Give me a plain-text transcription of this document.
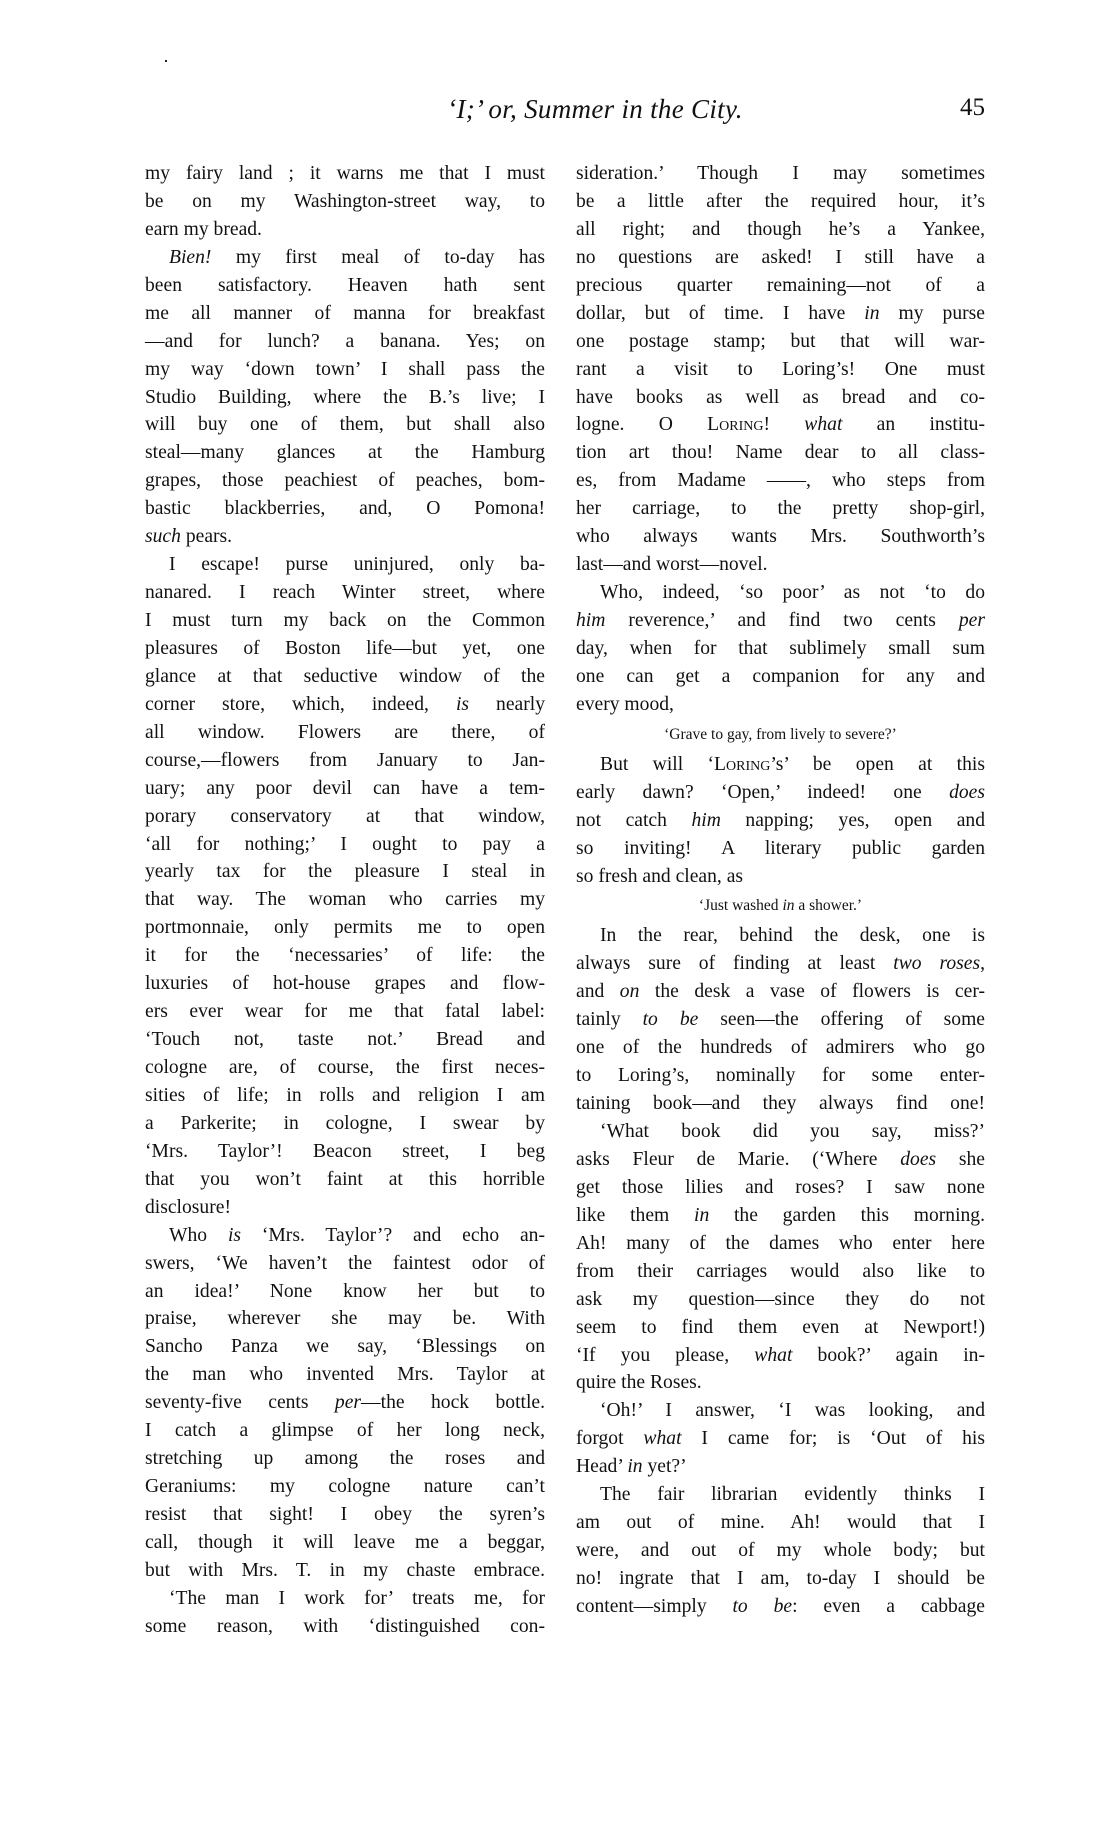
‘I;’ or, Summer in the City.	45
my fairy land ; it warns me that I must
be on my Washington-street way, to
earn my bread.
Bien! my first meal of to-day has
been satisfactory. Heaven hath sent
me all manner of manna for breakfast
—and for lunch? a banana. Yes; on
my way ‘down town’ I shall pass the
Studio Building, where the B.’s live; I
will buy one of them, but shall also
steal—many glances at the Hamburg
grapes, those peachiest of peaches, bom-
bastic blackberries, and, O Pomona!
such pears.
I escape! purse uninjured, only ba-
nanared. I reach Winter street, where
I must turn my back on the Common
pleasures of Boston life—but yet, one
glance at that seductive window of the
corner store, which, indeed, is nearly
all window. Flowers are there, of
course,—flowers from January to Jan-
uary; any poor devil can have a tem-
porary conservatory at that window,
‘all for nothing;’ I ought to pay a
yearly tax for the pleasure I steal in
that way. The woman who carries my
portmonnaie, only permits me to open
it for the ‘necessaries’ of life: the
luxuries of hot-house grapes and flow-
ers ever wear for me that fatal label:
‘Touch not, taste not.’ Bread and
cologne are, of course, the first neces-
sities of life; in rolls and religion I am
a Parkerite; in cologne, I swear by
‘Mrs. Taylor’! Beacon street, I beg
that you won’t faint at this horrible
disclosure!
Who is ‘Mrs. Taylor’? and echo an-
swers, ‘We haven’t the faintest odor of
an idea!’ None know her but to
praise, wherever she may be. With
Sancho Panza we say, ‘Blessings on
the man who invented Mrs. Taylor at
seventy-five cents per—the hock bottle.
I catch a glimpse of her long neck,
stretching up among the roses and
Geraniums: my cologne nature can’t
resist that sight! I obey the syren’s
call, though it will leave me a beggar,
but with Mrs. T. in my chaste embrace.
‘The man I work for’ treats me, for
some reason, with ‘distinguished con-
sideration.’ Though I may sometimes
be a little after the required hour, it’s
all right; and though he’s a Yankee,
no questions are asked! I still have a
precious quarter remaining—not of a
dollar, but of time. I have in my purse
one postage stamp; but that will war-
rant a visit to Loring’s! One must
have books as well as bread and co-
logne. O Loring! what an institu-
tion art thou! Name dear to all class-
es, from Madame ——, who steps from
her carriage, to the pretty shop-girl,
who always wants Mrs. Southworth’s
last—and worst—novel.
Who, indeed, ‘so poor’ as not ‘to do
him reverence,’ and find two cents per
day, when for that sublimely small sum
one can get a companion for any and
every mood,
‘Grave to gay, from lively to severe?’
But will ‘Loring’s’ be open at this
early dawn? ‘Open,’ indeed! one does
not catch him napping; yes, open and
so inviting! A literary public garden
so fresh and clean, as
‘Just washed in a shower.’
In the rear, behind the desk, one is
always sure of finding at least two roses,
and on the desk a vase of flowers is cer-
tainly to be seen—the offering of some
one of the hundreds of admirers who go
to Loring’s, nominally for some enter-
taining book—and they always find one!
‘What book did you say, miss?’
asks Fleur de Marie. (‘Where does she
get those lilies and roses? I saw none
like them in the garden this morning.
Ah! many of the dames who enter here
from their carriages would also like to
ask my question—since they do not
seem to find them even at Newport!)
‘If you please, what book?’ again in-
quire the Roses.
‘Oh!’ I answer, ‘I was looking, and
forgot what I came for; is ‘Out of his
Head’ in yet?’
The fair librarian evidently thinks I
am out of mine. Ah! would that I
were, and out of my whole body; but
no! ingrate that I am, to-day I should be
content—simply to be: even a cabbage
